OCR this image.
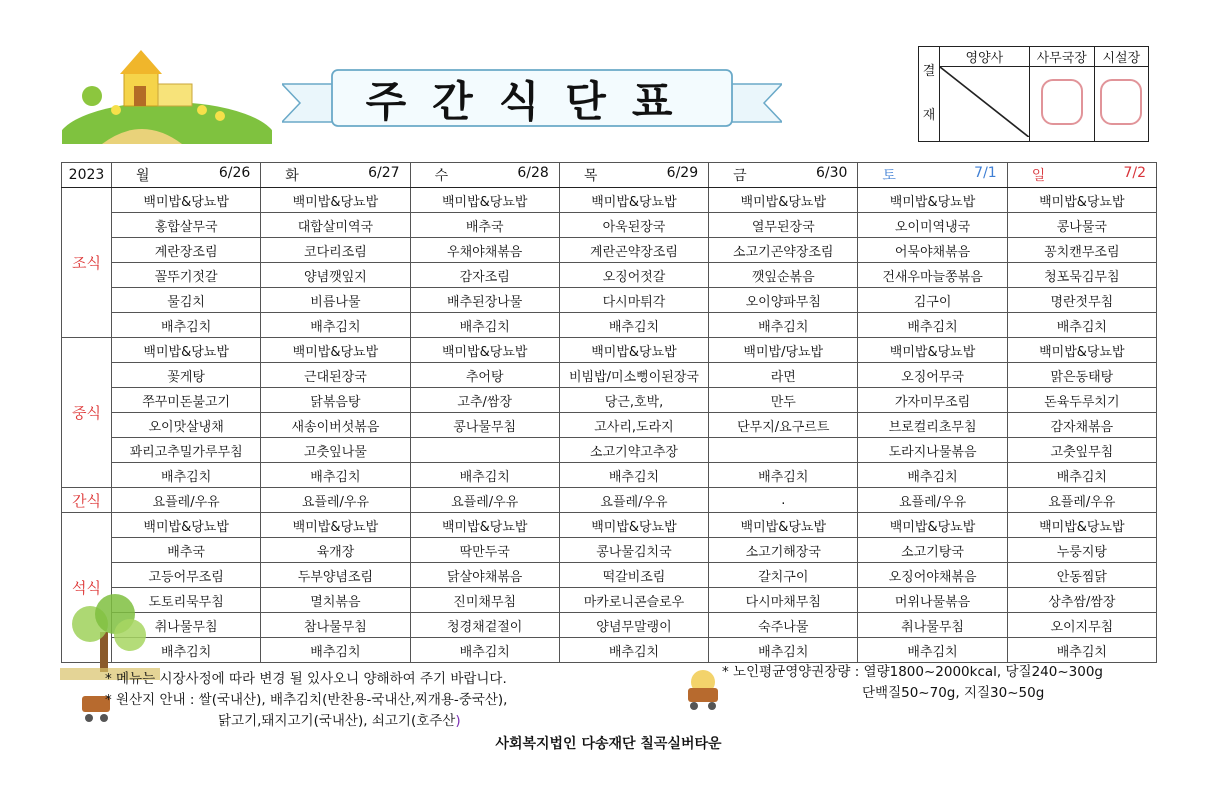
주간식단표
결
재	영양사	사무국장	시설장

2023	월 6/26	화 6/27	수 6/28	목 6/29	금 6/30	토 7/1	일 7/2

조식	백미밥&당뇨밥	백미밥&당뇨밥	백미밥&당뇨밥	백미밥&당뇨밥	백미밥&당뇨밥	백미밥&당뇨밥	백미밥&당뇨밥
	홍합살무국	대합살미역국	배추국	아욱된장국	열무된장국	오이미역냉국	콩나물국
	계란장조림	코다리조림	우채야채볶음	계란곤약장조림	소고기곤약장조림	어묵야채볶음	꽁치캔무조림
	꼴뚜기젓갈	양념깻잎지	감자조림	오징어젓갈	깻잎순볶음	건새우마늘쫑볶음	청포묵김무침
	물김치	비름나물	배추된장나물	다시마튀각	오이양파무침	김구이	명란젓무침
	배추김치	배추김치	배추김치	배추김치	배추김치	배추김치	배추김치
중식	백미밥&당뇨밥	백미밥&당뇨밥	백미밥&당뇨밥	백미밥&당뇨밥	백미밥/당뇨밥	백미밥&당뇨밥	백미밥&당뇨밥
	꽃게탕	근대된장국	추어탕	비빔밥/미소뻥이된장국	라면	오징어무국	맑은동태탕
	쭈꾸미돈불고기	닭볶음탕	고추/쌈장	당근,호박,	만두	가자미무조림	돈육두루치기
	오이맛살냉채	새송이버섯볶음	콩나물무침	고사리,도라지	단무지/요구르트	브로컬리초무침	감자채볶음
	꽈리고추밀가루무침	고춧잎나물		소고기약고추장		도라지나물볶음	고춧잎무침
	배추김치	배추김치	배추김치	배추김치	배추김치	배추김치	배추김치
간식	요플레/우유	요플레/우유	요플레/우유	요플레/우유	.	요플레/우유	요플레/우유
석식	백미밥&당뇨밥	백미밥&당뇨밥	백미밥&당뇨밥	백미밥&당뇨밥	백미밥&당뇨밥	백미밥&당뇨밥	백미밥&당뇨밥
	배추국	육개장	딱만두국	콩나물김치국	소고기해장국	소고기탕국	누룽지탕
	고등어무조림	두부양념조림	닭살야채볶음	떡갈비조림	갈치구이	오징어야채볶음	안동찜닭
	도토리묵무침	멸치볶음	진미채무침	마카로니콘슬로우	다시마채무침	머위나물볶음	상추쌈/쌈장
	취나물무침	참나물무침	청경채겉절이	양념무말랭이	숙주나물	취나물무침	오이지무침
	배추김치	배추김치	배추김치	배추김치	배추김치	배추김치	배추김치
* 메뉴는 시장사정에 따라 변경 될 있사오니 양해하여 주기 바랍니다.
* 원산지 안내 : 쌀(국내산), 배추김치(반찬용-국내산,찌개용-중국산),
닭고기,돼지고기(국내산), 쇠고기(호주산)
* 노인평균영양권장량 : 열량1800~2000kcal, 당질240~300g
단백질50~70g, 지질30~50g
사회복지법인 다송재단 칠곡실버타운
